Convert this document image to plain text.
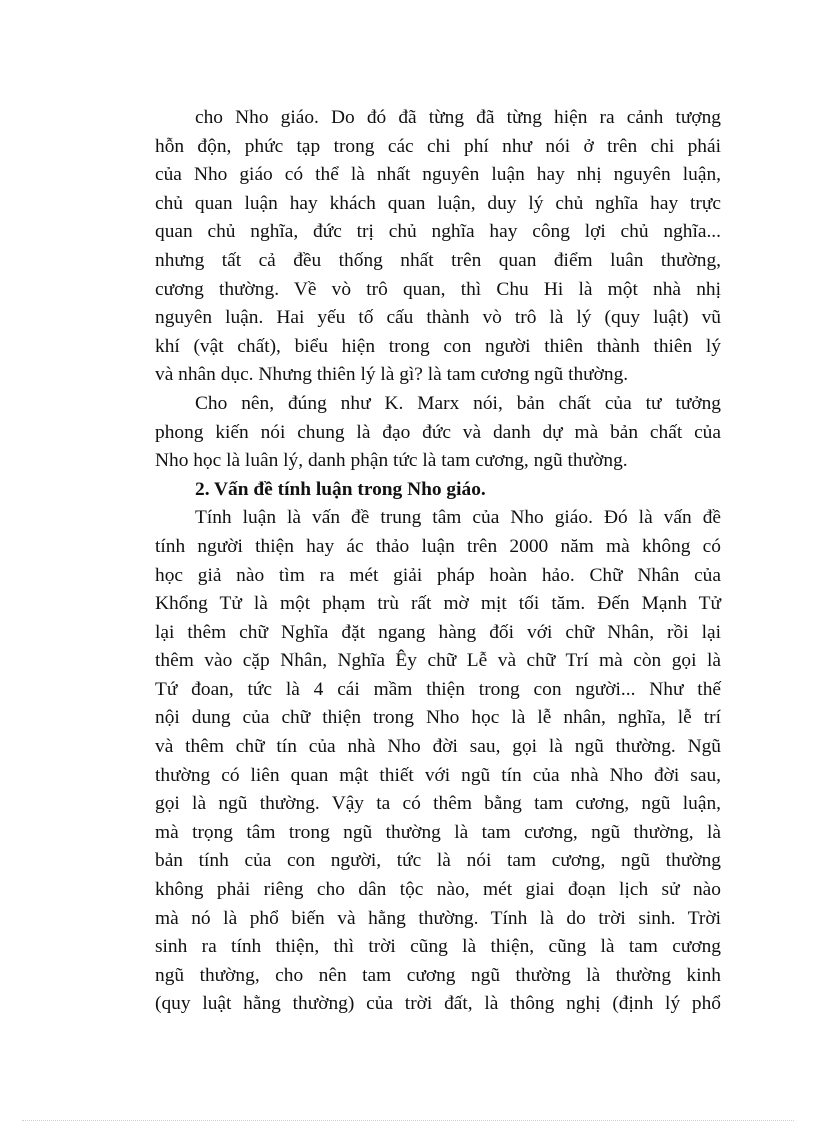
cho Nho giáo. Do đó đã từng đã từng hiện ra cảnh tượng
hỗn độn, phức tạp trong các chi phí như nói ở trên chi phái
của Nho giáo có thể là nhất nguyên luận hay nhị nguyên luận,
chủ quan luận hay khách quan luận, duy lý chủ nghĩa hay trực
quan chủ nghĩa, đức trị chủ nghĩa hay công lợi chủ nghĩa...
nhưng tất cả đều thống nhất trên quan điểm luân thường,
cương thường. Về vò trô quan, thì Chu Hi là một nhà nhị
nguyên luận. Hai yếu tố cấu thành vò trô là lý (quy luật) vũ
khí (vật chất), biểu hiện trong con người thiên thành thiên lý
và nhân dục. Nhưng thiên lý là gì? là tam cương ngũ thường.
Cho nên, đúng như K. Marx nói, bản chất của tư tưởng
phong kiến nói chung là đạo đức và danh dự mà bản chất của
Nho học là luân lý, danh phận tức là tam cương, ngũ thường.
2. Vấn đề tính luận trong Nho giáo.
Tính luận là vấn đề trung tâm của Nho giáo. Đó là vấn đề
tính người thiện hay ác thảo luận trên 2000 năm mà không có
học giả nào tìm ra mét giải pháp hoàn hảo. Chữ Nhân của
Khổng Tử là một phạm trù rất mờ mịt tối tăm. Đến Mạnh Tử
lại thêm chữ Nghĩa đặt ngang hàng đối với chữ Nhân, rồi lại
thêm vào cặp Nhân, Nghĩa Êy chữ Lễ và chữ Trí mà còn gọi là
Tứ đoan, tức là 4 cái mầm thiện trong con người... Như thế
nội dung của chữ thiện trong Nho học là lễ nhân, nghĩa, lễ trí
và thêm chữ tín của nhà Nho đời sau, gọi là ngũ thường. Ngũ
thường có liên quan mật thiết với ngũ tín của nhà Nho đời sau,
gọi là ngũ thường. Vậy ta có thêm bằng tam cương, ngũ luận,
mà trọng tâm trong ngũ thường là tam cương, ngũ thường, là
bản tính của con người, tức là nói tam cương, ngũ thường
không phải riêng cho dân tộc nào, mét giai đoạn lịch sử nào
mà nó là phổ biến và hằng thường. Tính là do trời sinh. Trời
sinh ra tính thiện, thì trời cũng là thiện, cũng là tam cương
ngũ thường, cho nên tam cương ngũ thường là thường kinh
(quy luật hằng thường) của trời đất, là thông nghị (định lý phổ
